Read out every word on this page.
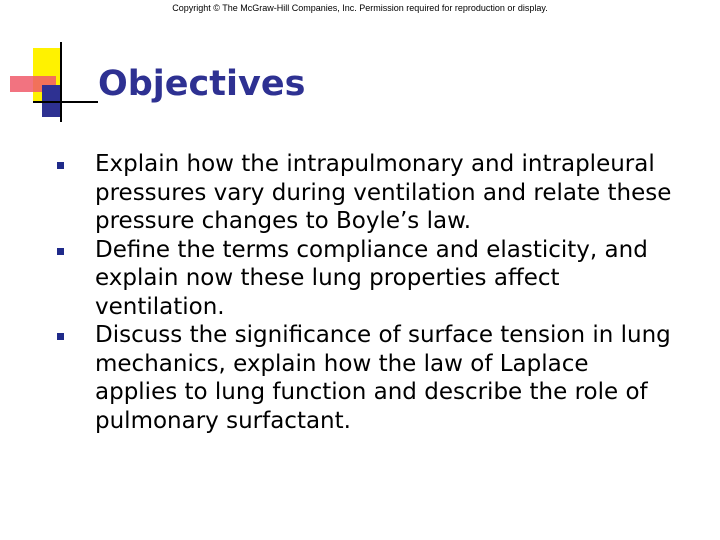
Copyright © The McGraw-Hill Companies, Inc. Permission required for reproduction or display.
Objectives
Explain how the intrapulmonary and intrapleural pressures vary during ventilation and relate these pressure changes to Boyle’s law.
Define the terms compliance and elasticity, and explain now these lung properties affect ventilation.
Discuss the significance of surface tension in lung mechanics, explain how the law of Laplace applies to lung function and describe the role of pulmonary surfactant.
